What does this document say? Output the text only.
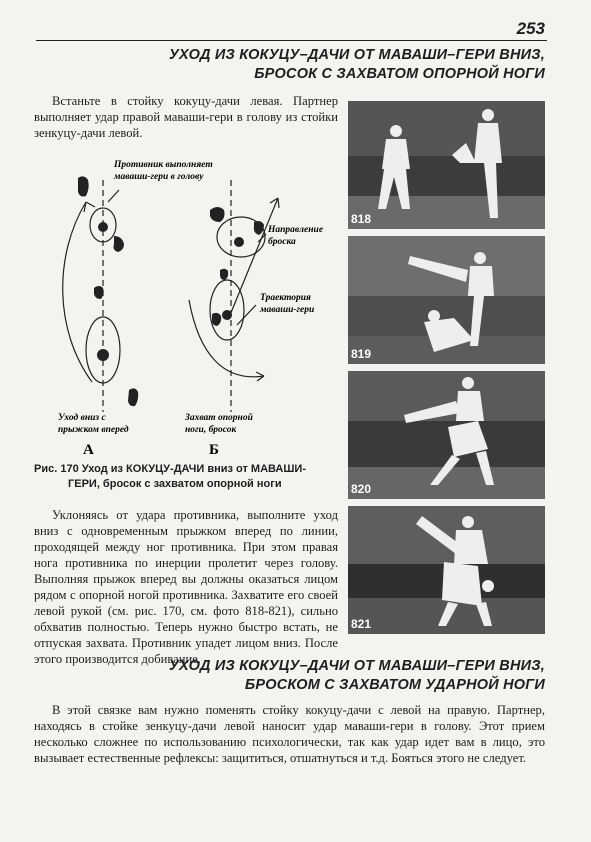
253
УХОД ИЗ КОКУЦУ–ДАЧИ ОТ МАВАШИ–ГЕРИ ВНИЗ,
БРОСОК С ЗАХВАТОМ ОПОРНОЙ НОГИ

Встаньте в стойку кокуцу-дачи левая. Партнер выполняет удар правой маваши-гери в голову из стойки зенкуцу-дачи левой.

Противник выполняет
маваши-гери в голову
Направление
броска
Траектория
маваши-гери
Уход вниз с
прыжком вперед
Захват опорной
ноги, бросок
А	Б
Рис. 170 Уход из КОКУЦУ-ДАЧИ вниз от МАВАШИ-
ГЕРИ, бросок с захватом опорной ноги
818
819
820
821

Уклоняясь от удара противника, выполните уход вниз с одновременным прыжком вперед по линии, проходящей между ног противника. При этом правая нога противника по инерции пролетит через голову. Выполняя прыжок вперед вы должны оказаться лицом рядом с опорной ногой противника. Захватите его своей левой рукой (см. рис. 170, см. фото 818-821), сильно обхватив полностью. Теперь нужно быстро встать, не отпуская захвата. Противник упадет лицом вниз. После этого производится добивание.

УХОД ИЗ КОКУЦУ–ДАЧИ ОТ МАВАШИ–ГЕРИ ВНИЗ,
БРОСКОМ С ЗАХВАТОМ УДАРНОЙ НОГИ

В этой связке вам нужно поменять стойку кокуцу-дачи с левой на правую. Партнер, находясь в стойке зенкуцу-дачи левой наносит удар маваши-гери в голову. Этот прием несколько сложнее по использованию психологически, так как удар идет вам в лицо, это вызывает естественные рефлексы: защититься, отшатнуться и т.д. Бояться этого не следует.
